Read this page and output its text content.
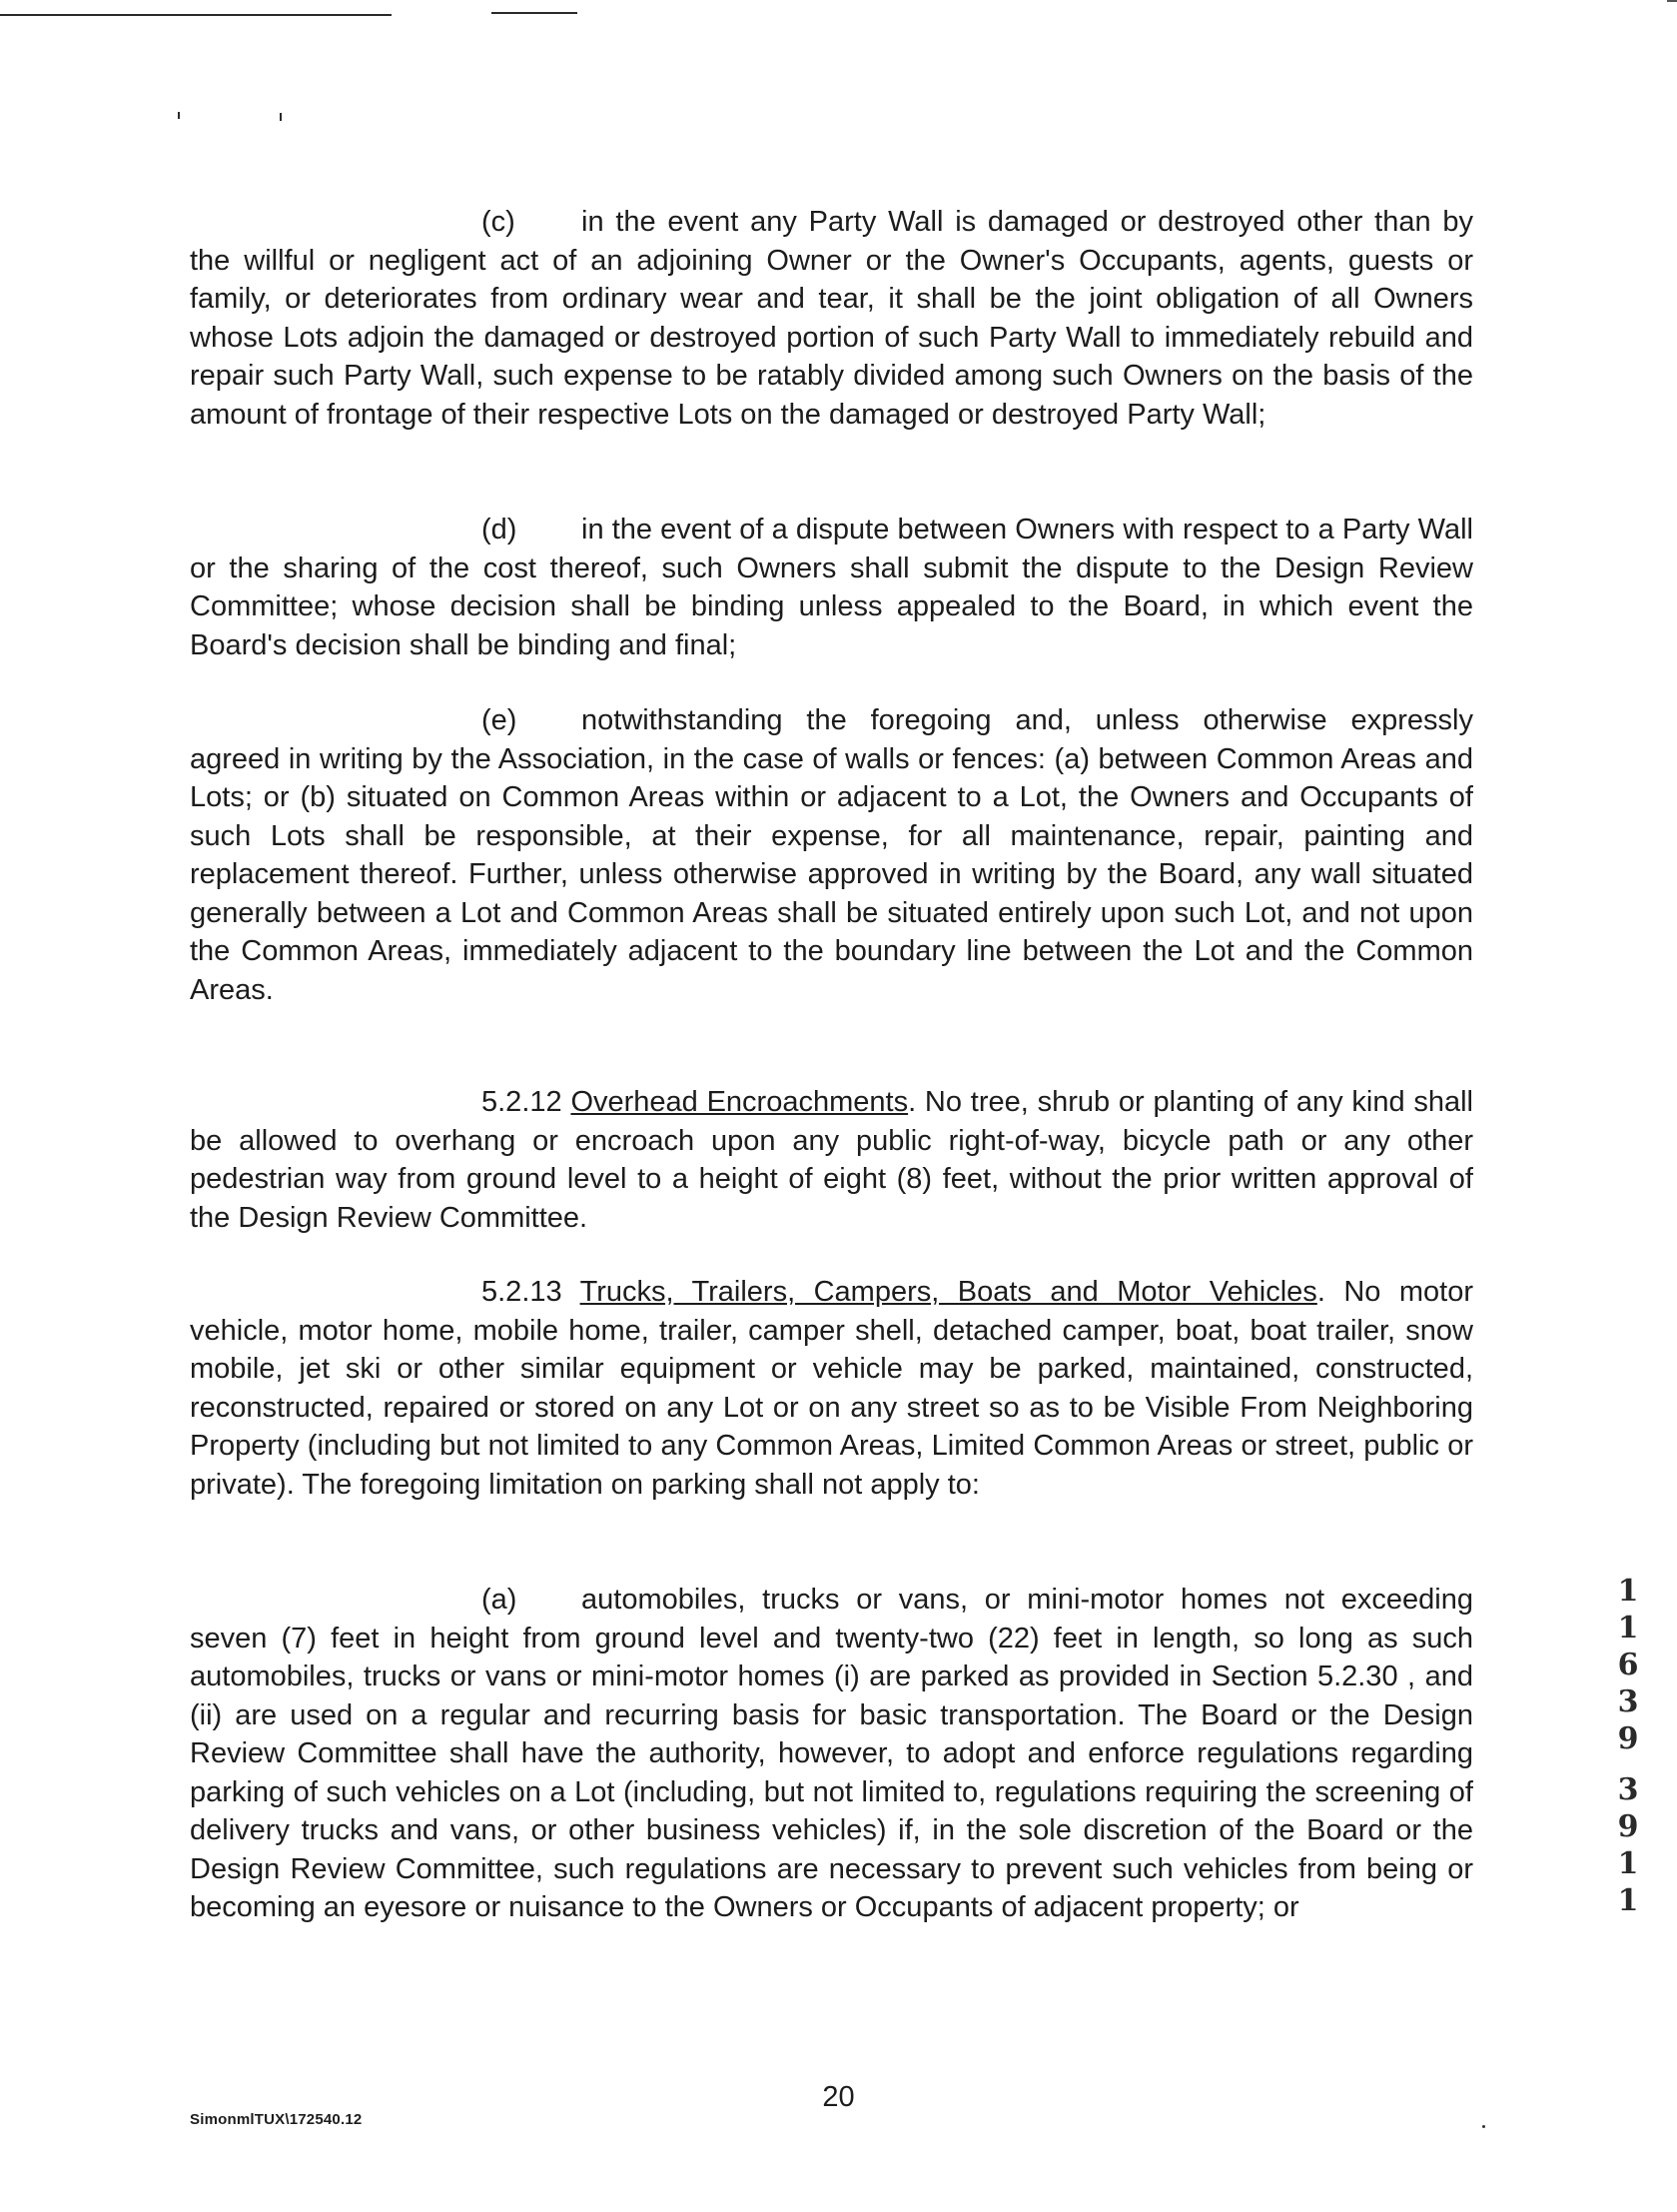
(c) in the event any Party Wall is damaged or destroyed other than by the willful or negligent act of an adjoining Owner or the Owner's Occupants, agents, guests or family, or deteriorates from ordinary wear and tear, it shall be the joint obligation of all Owners whose Lots adjoin the damaged or destroyed portion of such Party Wall to immediately rebuild and repair such Party Wall, such expense to be ratably divided among such Owners on the basis of the amount of frontage of their respective Lots on the damaged or destroyed Party Wall;
(d) in the event of a dispute between Owners with respect to a Party Wall or the sharing of the cost thereof, such Owners shall submit the dispute to the Design Review Committee; whose decision shall be binding unless appealed to the Board, in which event the Board's decision shall be binding and final;
(e) notwithstanding the foregoing and, unless otherwise expressly agreed in writing by the Association, in the case of walls or fences: (a) between Common Areas and Lots; or (b) situated on Common Areas within or adjacent to a Lot, the Owners and Occupants of such Lots shall be responsible, at their expense, for all maintenance, repair, painting and replacement thereof. Further, unless otherwise approved in writing by the Board, any wall situated generally between a Lot and Common Areas shall be situated entirely upon such Lot, and not upon the Common Areas, immediately adjacent to the boundary line between the Lot and the Common Areas.
5.2.12 Overhead Encroachments. No tree, shrub or planting of any kind shall be allowed to overhang or encroach upon any public right-of-way, bicycle path or any other pedestrian way from ground level to a height of eight (8) feet, without the prior written approval of the Design Review Committee.
5.2.13 Trucks, Trailers, Campers, Boats and Motor Vehicles. No motor vehicle, motor home, mobile home, trailer, camper shell, detached camper, boat, boat trailer, snow mobile, jet ski or other similar equipment or vehicle may be parked, maintained, constructed, reconstructed, repaired or stored on any Lot or on any street so as to be Visible From Neighboring Property (including but not limited to any Common Areas, Limited Common Areas or street, public or private). The foregoing limitation on parking shall not apply to:
(a) automobiles, trucks or vans, or mini-motor homes not exceeding seven (7) feet in height from ground level and twenty-two (22) feet in length, so long as such automobiles, trucks or vans or mini-motor homes (i) are parked as provided in Section 5.2.30 , and (ii) are used on a regular and recurring basis for basic transportation. The Board or the Design Review Committee shall have the authority, however, to adopt and enforce regulations regarding parking of such vehicles on a Lot (including, but not limited to, regulations requiring the screening of delivery trucks and vans, or other business vehicles) if, in the sole discretion of the Board or the Design Review Committee, such regulations are necessary to prevent such vehicles from being or becoming an eyesore or nuisance to the Owners or Occupants of adjacent property; or
1
1
6
3
9
3
9
1
1
SimonmlTUX\172540.12
20
